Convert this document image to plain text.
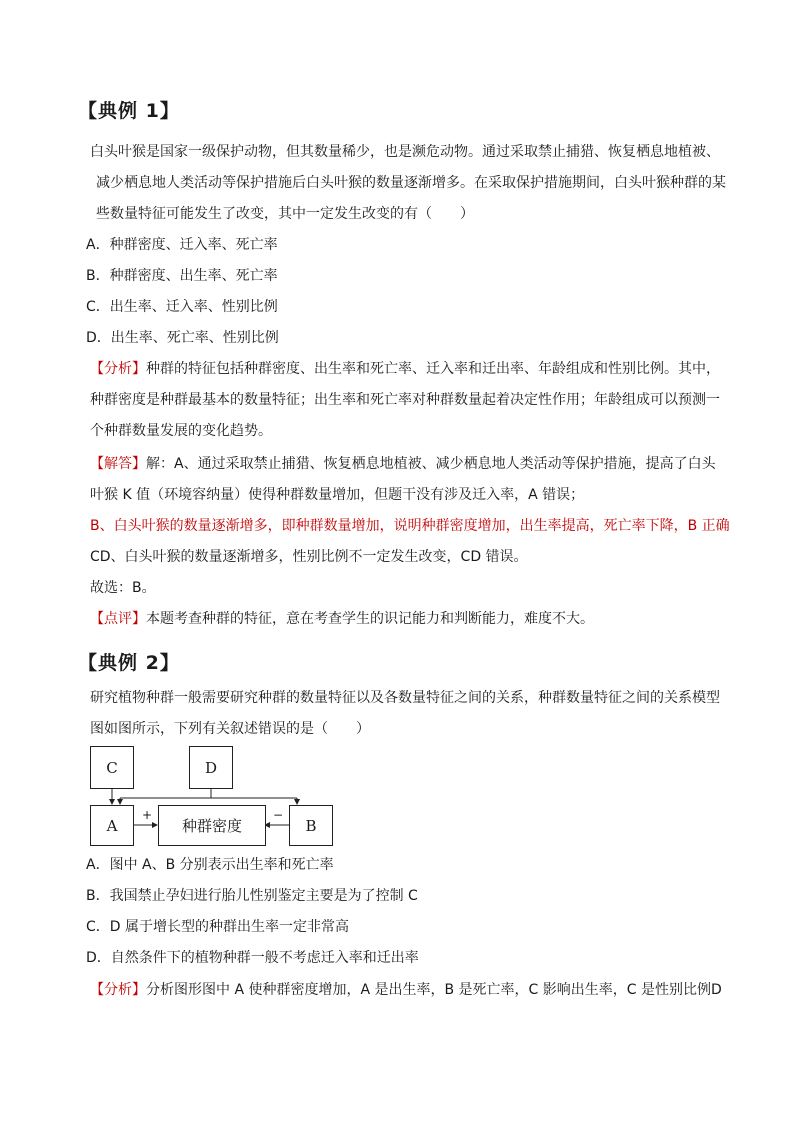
【典例 1】
白头叶猴是国家一级保护动物，但其数量稀少，也是濒危动物。通过采取禁止捕猎、恢复栖息地植被、
减少栖息地人类活动等保护措施后白头叶猴的数量逐渐增多。在采取保护措施期间，白头叶猴种群的某
些数量特征可能发生了改变，其中一定发生改变的有（　　）
A．种群密度、迁入率、死亡率
B．种群密度、出生率、死亡率
C．出生率、迁入率、性别比例
D．出生率、死亡率、性别比例
【分析】种群的特征包括种群密度、出生率和死亡率、迁入率和迁出率、年龄组成和性别比例。其中，
种群密度是种群最基本的数量特征；出生率和死亡率对种群数量起着决定性作用；年龄组成可以预测一
个种群数量发展的变化趋势。
【解答】解：A、通过采取禁止捕猎、恢复栖息地植被、减少栖息地人类活动等保护措施，提高了白头
叶猴 K 值（环境容纳量）使得种群数量增加，但题干没有涉及迁入率，A 错误；
B、白头叶猴的数量逐渐增多，即种群数量增加，说明种群密度增加，出生率提高，死亡率下降，B 正确
CD、白头叶猴的数量逐渐增多，性别比例不一定发生改变，CD 错误。
故选：B。
【点评】本题考查种群的特征，意在考查学生的识记能力和判断能力，难度不大。
【典例 2】
研究植物种群一般需要研究种群的数量特征以及各数量特征之间的关系，种群数量特征之间的关系模型
图如图所示，下列有关叙述错误的是（　　）
C	D
A	种群密度	B
+	−
A．图中 A、B 分别表示出生率和死亡率
B．我国禁止孕妇进行胎儿性别鉴定主要是为了控制 C
C．D 属于增长型的种群出生率一定非常高
D．自然条件下的植物种群一般不考虑迁入率和迁出率
【分析】分析图形图中 A 使种群密度增加，A 是出生率，B 是死亡率，C 影响出生率，C 是性别比例D
